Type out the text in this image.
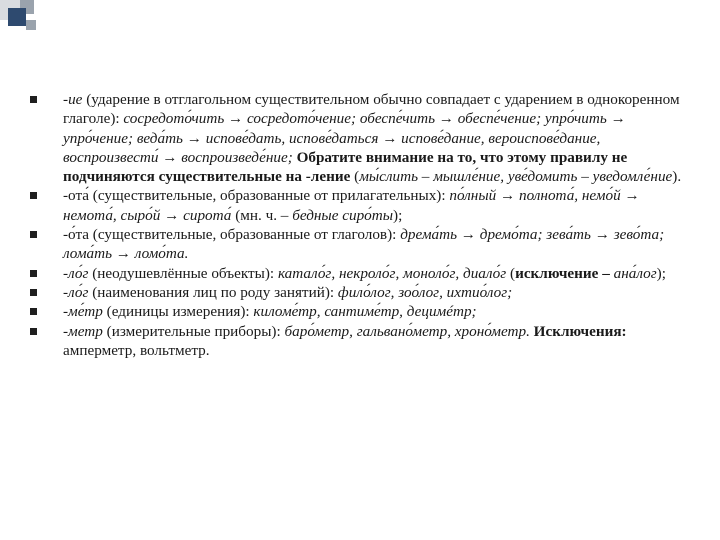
-ие (ударение в отглагольном существительном обычно совпадает с ударением в однокоренном глаголе): сосредото́чить → сосредото́чение; обеспе́чить → обеспе́чение; упро́чить → упро́чение; веда́ть → испове́дать, испове́даться → испове́дание, вероиспове́дание, воспроизвести́ → воспроизведе́ние; Обратите внимание на то, что этому правилу не подчиняются существительные на -ление (мы́слить – мышле́ние, уве́домить – уведомле́ние).
-ота́ (существительные, образованные от прилагательных): по́лный → полнота́, немо́й → немота́, сыро́й → сирота́ (мн. ч. – бедные сиро́ты);
-о́та (существительные, образованные от глаголов): дрема́ть → дремо́та; зева́ть → зево́та; лома́ть → ломо́та.
-ло́г (неодушевлённые объекты): катало́г, некроло́г, моноло́г, диало́г (исключение – ана́лог);
-ло́г (наименования лиц по роду занятий): фило́лог, зоо́лог, ихтио́лог;
-ме́тр (единицы измерения): киломе́тр, сантиме́тр, децимéтр;
-метр (измерительные приборы): баро́метр, гальвано́метр, хроно́метр. Исключения: амперметр, вольтметр.
